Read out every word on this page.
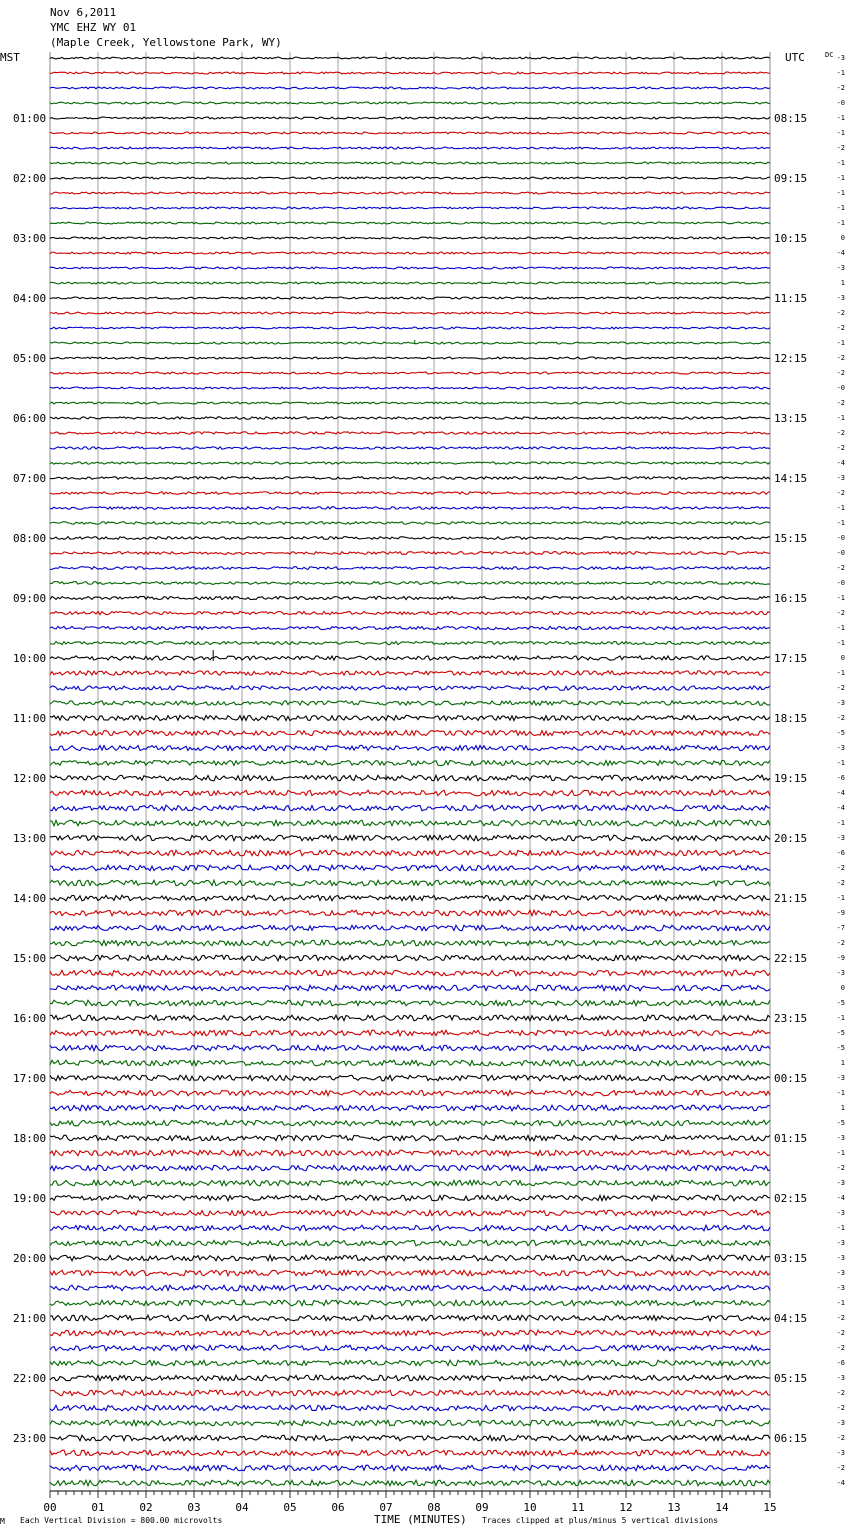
Nov 6,2011
YMC EHZ WY 01
(Maple Creek, Yellowstone Park, WY)
MST	UTC	DC
01:00
02:00
03:00
04:00
05:00
06:00
07:00
08:00
09:00
10:00
11:00
12:00
13:00
14:00
15:00
16:00
17:00
18:00
19:00
20:00
21:00
22:00
23:00
08:15
09:15
10:15
11:15
12:15
13:15
14:15
15:15
16:15
17:15
18:15
19:15
20:15
21:15
22:15
23:15
00:15
01:15
02:15
03:15
04:15
05:15
06:15
-3
-1
-2
-0
-1
-1
-2
-1
-1
-1
-1
-1
0
-4
-3
1
-3
-2
-2
-1
-2
-2
-0
-2
-1
-2
-2
-4
-3
-2
-1
-1
-0
-0
-2
-0
-1
-2
-1
-1
0
-1
-2
-3
-2
-5
-3
-1
-6
-4
-4
-1
-3
-6
-2
-2
-1
-9
-7
-2
-9
-3
0
-5
-1
-5
-5
1
-3
-1
1
-5
-3
-1
-2
-3
-4
-3
-1
-3
-3
-3
-3
-1
-2
-2
-2
-6
-3
-2
-2
-3
-2
-3
-2
-4
00	01	02	03	04	05	06	07	08	09	10	11	12	13	14	15
M Each Vertical Division = 800.00 microvolts	TIME (MINUTES) Traces clipped at plus/minus 5 vertical divisions
